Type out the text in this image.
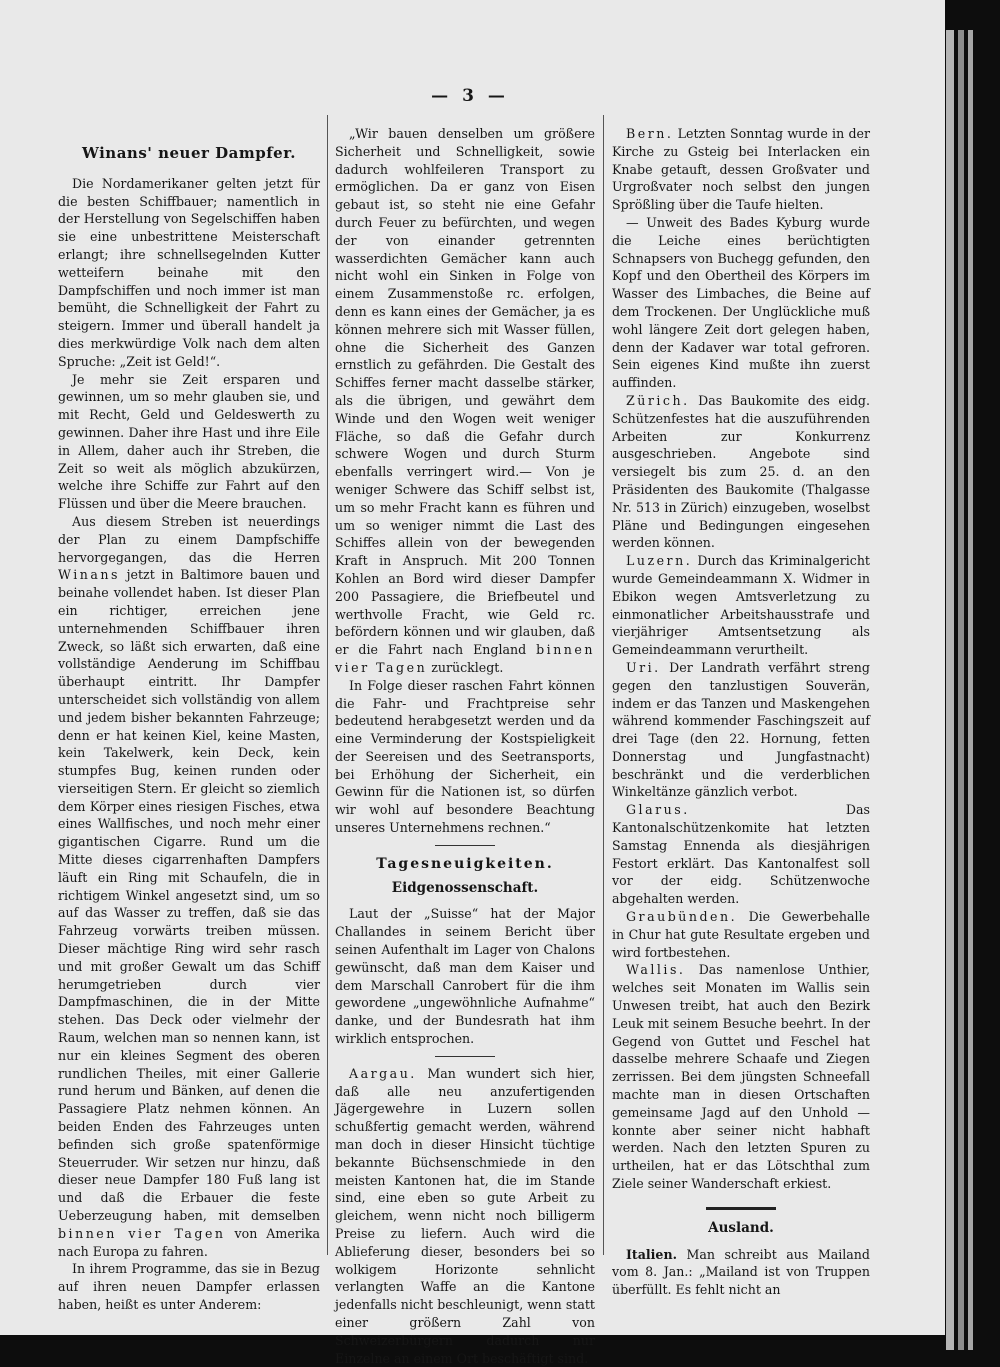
— 3 —
Winans' neuer Dampfer.

Die Nordamerikaner gelten jetzt für die besten Schiffbauer; namentlich in der Herstellung von Segelschiffen haben sie eine unbestrittene Meisterschaft erlangt; ihre schnellsegelnden Kutter wetteifern beinahe mit den Dampfschiffen und noch immer ist man bemüht, die Schnelligkeit der Fahrt zu steigern. Immer und überall handelt ja dies merkwürdige Volk nach dem alten Spruche: „Zeit ist Geld!“.

Je mehr sie Zeit ersparen und gewinnen, um so mehr glauben sie, und mit Recht, Geld und Geldeswerth zu gewinnen. Daher ihre Hast und ihre Eile in Allem, daher auch ihr Streben, die Zeit so weit als möglich abzukürzen, welche ihre Schiffe zur Fahrt auf den Flüssen und über die Meere brauchen.

Aus diesem Streben ist neuerdings der Plan zu einem Dampfschiffe hervorgegangen, das die Herren Winans jetzt in Baltimore bauen und beinahe vollendet haben. Ist dieser Plan ein richtiger, erreichen jene unternehmenden Schiffbauer ihren Zweck, so läßt sich erwarten, daß eine vollständige Aenderung im Schiffbau überhaupt eintritt. Ihr Dampfer unterscheidet sich vollständig von allem und jedem bisher bekannten Fahrzeuge; denn er hat keinen Kiel, keine Masten, kein Takelwerk, kein Deck, kein stumpfes Bug, keinen runden oder vierseitigen Stern. Er gleicht so ziemlich dem Körper eines riesigen Fisches, etwa eines Wallfisches, und noch mehr einer gigantischen Cigarre. Rund um die Mitte dieses cigarrenhaften Dampfers läuft ein Ring mit Schaufeln, die in richtigem Winkel angesetzt sind, um so auf das Wasser zu treffen, daß sie das Fahrzeug vorwärts treiben müssen. Dieser mächtige Ring wird sehr rasch und mit großer Gewalt um das Schiff herumgetrieben durch vier Dampfmaschinen, die in der Mitte stehen. Das Deck oder vielmehr der Raum, welchen man so nennen kann, ist nur ein kleines Segment des oberen rundlichen Theiles, mit einer Gallerie rund herum und Bänken, auf denen die Passagiere Platz nehmen können. An beiden Enden des Fahrzeuges unten befinden sich große spatenförmige Steuerruder. Wir setzen nur hinzu, daß dieser neue Dampfer 180 Fuß lang ist und daß die Erbauer die feste Ueberzeugung haben, mit demselben binnen vier Tagen von Amerika nach Europa zu fahren.

In ihrem Programme, das sie in Bezug auf ihren neuen Dampfer erlassen haben, heißt es unter Anderem:

„Wir bauen denselben um größere Sicherheit und Schnelligkeit, sowie dadurch wohlfeileren Transport zu ermöglichen. Da er ganz von Eisen gebaut ist, so steht nie eine Gefahr durch Feuer zu befürchten, und wegen der von einander getrennten wasserdichten Gemächer kann auch nicht wohl ein Sinken in Folge von einem Zusammenstoße rc. erfolgen, denn es kann eines der Gemächer, ja es können mehrere sich mit Wasser füllen, ohne die Sicherheit des Ganzen ernstlich zu gefährden. Die Gestalt des Schiffes ferner macht dasselbe stärker, als die übrigen, und gewährt dem Winde und den Wogen weit weniger Fläche, so daß die Gefahr durch schwere Wogen und durch Sturm ebenfalls verringert wird.— Von je weniger Schwere das Schiff selbst ist, um so mehr Fracht kann es führen und um so weniger nimmt die Last des Schiffes allein von der bewegenden Kraft in Anspruch. Mit 200 Tonnen Kohlen an Bord wird dieser Dampfer 200 Passagiere, die Briefbeutel und werthvolle Fracht, wie Geld rc. befördern können und wir glauben, daß er die Fahrt nach England binnen vier Tagen zurücklegt.

In Folge dieser raschen Fahrt können die Fahr- und Frachtpreise sehr bedeutend herabgesetzt werden und da eine Verminderung der Kostspieligkeit der Seereisen und des Seetransports, bei Erhöhung der Sicherheit, ein Gewinn für die Nationen ist, so dürfen wir wohl auf besondere Beachtung unseres Unternehmens rechnen.“

Tagesneuigkeiten.
Eidgenossenschaft.

Laut der „Suisse“ hat der Major Challandes in seinem Bericht über seinen Aufenthalt im Lager von Chalons gewünscht, daß man dem Kaiser und dem Marschall Canrobert für die ihm gewordene „ungewöhnliche Aufnahme“ danke, und der Bundesrath hat ihm wirklich entsprochen.

Aargau. Man wundert sich hier, daß alle neu anzufertigenden Jägergewehre in Luzern sollen schußfertig gemacht werden, während man doch in dieser Hinsicht tüchtige bekannte Büchsenschmiede in den meisten Kantonen hat, die im Stande sind, eine eben so gute Arbeit zu gleichem, wenn nicht noch billigerm Preise zu liefern. Auch wird die Ablieferung dieser, besonders bei so wolkigem Horizonte sehnlicht verlangten Waffe an die Kantone jedenfalls nicht beschleunigt, wenn statt einer größern Zahl von Schweizerbürgern dadurch nur Einzelne an einem Ort beschäftigt sind.

Bern. Letzten Sonntag wurde in der Kirche zu Gsteig bei Interlacken ein Knabe getauft, dessen Großvater und Urgroßvater noch selbst den jungen Sprößling über die Taufe hielten.

— Unweit des Bades Kyburg wurde die Leiche eines berüchtigten Schnapsers von Buchegg gefunden, den Kopf und den Obertheil des Körpers im Wasser des Limbaches, die Beine auf dem Trockenen. Der Unglückliche muß wohl längere Zeit dort gelegen haben, denn der Kadaver war total gefroren. Sein eigenes Kind mußte ihn zuerst auffinden.

Zürich. Das Baukomite des eidg. Schützenfestes hat die auszuführenden Arbeiten zur Konkurrenz ausgeschrieben. Angebote sind versiegelt bis zum 25. d. an den Präsidenten des Baukomite (Thalgasse Nr. 513 in Zürich) einzugeben, woselbst Pläne und Bedingungen eingesehen werden können.

Luzern. Durch das Kriminalgericht wurde Gemeindeammann X. Widmer in Ebikon wegen Amtsverletzung zu einmonatlicher Arbeitshausstrafe und vierjähriger Amtsentsetzung als Gemeindeammann verurtheilt.

Uri. Der Landrath verfährt streng gegen den tanzlustigen Souverän, indem er das Tanzen und Maskengehen während kommender Faschingszeit auf drei Tage (den 22. Hornung, fetten Donnerstag und Jungfastnacht) beschränkt und die verderblichen Winkeltänze gänzlich verbot.

Glarus.	Das Kantonalschützenkomite hat letzten Samstag Ennenda als diesjährigen Festort erklärt. Das Kantonalfest soll vor der eidg. Schützenwoche abgehalten werden.

Graubünden. Die Gewerbehalle in Chur hat gute Resultate ergeben und wird fortbestehen.

Wallis. Das namenlose Unthier, welches seit Monaten im Wallis sein Unwesen treibt, hat auch den Bezirk Leuk mit seinem Besuche beehrt. In der Gegend von Guttet und Feschel hat dasselbe mehrere Schaafe und Ziegen zerrissen. Bei dem jüngsten Schneefall machte man in diesen Ortschaften gemeinsame Jagd auf den Unhold — konnte aber seiner nicht habhaft werden. Nach den letzten Spuren zu urtheilen, hat er das Lötschthal zum Ziele seiner Wanderschaft erkiest.

Ausland.

Italien. Man schreibt aus Mailand vom 8. Jan.: „Mailand ist von Truppen überfüllt. Es fehlt nicht an
